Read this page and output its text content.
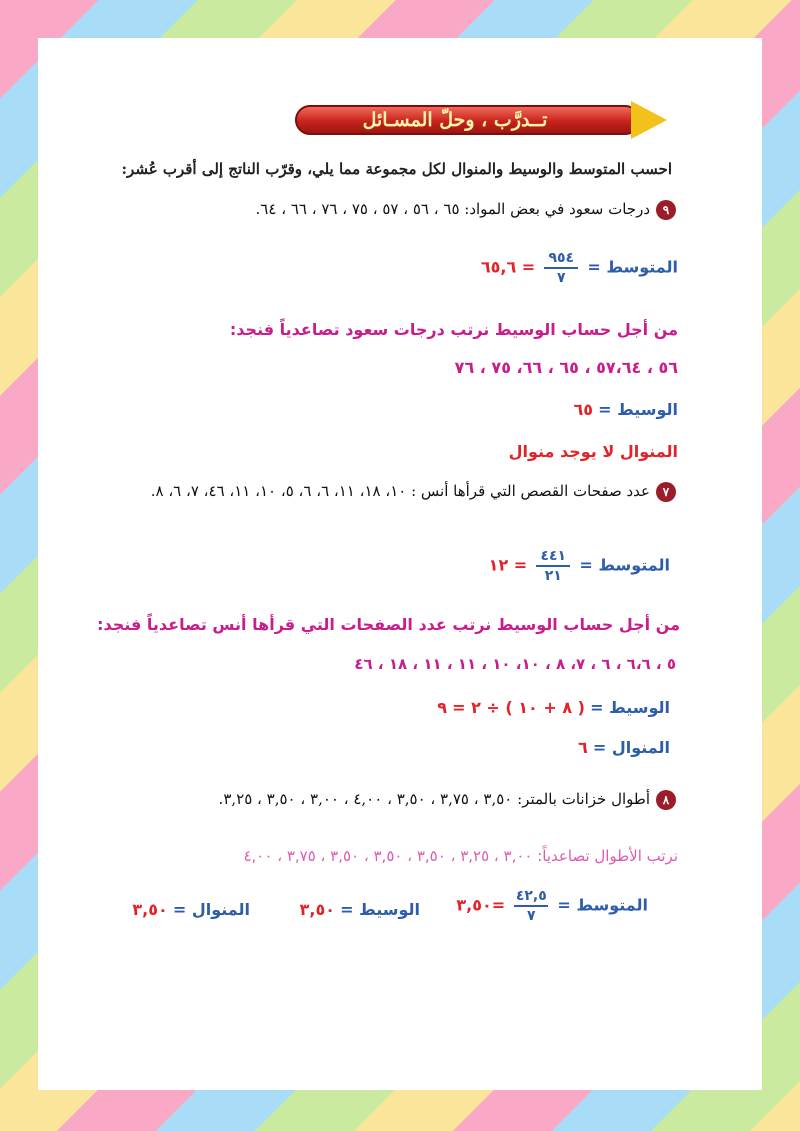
تــدرَّب ، وحلّ المسـائل
احسب المتوسط والوسيط والمنوال لكل مجموعة مما يلي، وقرّب الناتج إلى أقرب عُشر:
٩درجات سعود في بعض المواد: ٦٥ ، ٥٦ ، ٥٧ ، ٧٥ ، ٧٦ ، ٦٦ ، ٦٤.
المتوسط =
$\frac{٩٥٤}{٧}$
= ٦٥,٦
من أجل حساب الوسيط نرتب درجات سعود تصاعدياً فنجد:
٥٦ ، ٥٧،٦٤ ، ٦٥ ، ٦٦، ٧٥ ، ٧٦
الوسيط = ٦٥
المنوال لا يوجد منوال
٧عدد صفحات القصص التي قرأها أنس : ١٠، ١٨، ١١، ٦، ٦، ٥، ١٠، ١١، ٤٦، ٧، ٦، ٨.
المتوسط =
$\frac{٤٤١}{٢١}$
= ١٢
من أجل حساب الوسيط نرتب عدد الصفحات التي قرأها أنس تصاعدياً فنجد:
٥ ، ٦،٦ ، ٦ ، ٧، ٨ ، ١٠، ١٠ ، ١١ ، ١١ ، ١٨ ، ٤٦
الوسيط = ( ٨ + ١٠ ) ÷ ٢ = ٩
المنوال = ٦
٨أطوال خزانات بالمتر: ٣,٥٠ ، ٣,٧٥ ، ٣,٥٠ ، ٤,٠٠ ، ٣,٠٠ ، ٣,٥٠ ، ٣,٢٥.
نرتب الأطوال تصاعدياً: ٣,٠٠ ، ٣,٢٥ ، ٣,٥٠ ، ٣,٥٠ ، ٣,٥٠ ، ٣,٧٥ ، ٤,٠٠
المتوسط =
$\frac{٤٢,٥}{٧}$
=٣,٥٠
الوسيط = ٣,٥٠
المنوال = ٣,٥٠
